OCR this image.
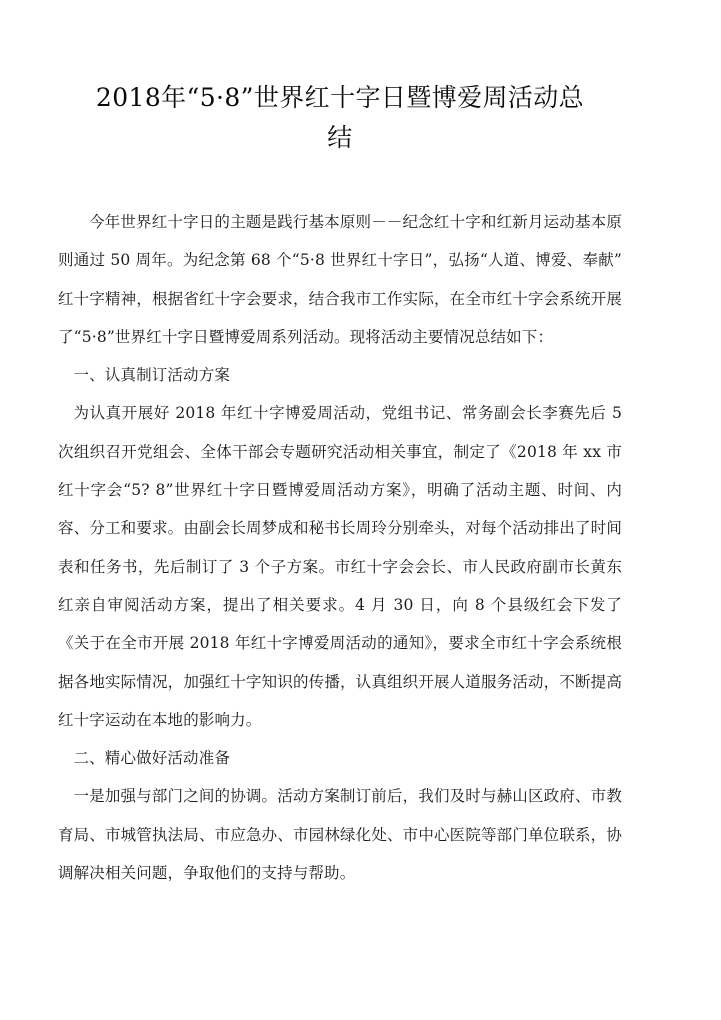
2018年“5·8”世界红十字日暨博爱周活动总结

今年世界红十字日的主题是践行基本原则－－纪念红十字和红新月运动基本原则通过 50 周年。为纪念第 68 个“5·8 世界红十字日”，弘扬“人道、博爱、奉献”红十字精神，根据省红十字会要求，结合我市工作实际，在全市红十字会系统开展了“5·8”世界红十字日暨博爱周系列活动。现将活动主要情况总结如下：

一、认真制订活动方案

为认真开展好 2018 年红十字博爱周活动，党组书记、常务副会长李赛先后 5 次组织召开党组会、全体干部会专题研究活动相关事宜，制定了《2018 年 xx 市红十字会“5? 8”世界红十字日暨博爱周活动方案》，明确了活动主题、时间、内容、分工和要求。由副会长周梦成和秘书长周玲分别牵头，对每个活动排出了时间表和任务书，先后制订了 3 个子方案。市红十字会会长、市人民政府副市长黄东红亲自审阅活动方案，提出了相关要求。4 月 30 日，向 8 个县级红会下发了《关于在全市开展 2018 年红十字博爱周活动的通知》，要求全市红十字会系统根据各地实际情况，加强红十字知识的传播，认真组织开展人道服务活动，不断提高红十字运动在本地的影响力。

二、精心做好活动准备

一是加强与部门之间的协调。活动方案制订前后，我们及时与赫山区政府、市教育局、市城管执法局、市应急办、市园林绿化处、市中心医院等部门单位联系，协调解决相关问题，争取他们的支持与帮助。
